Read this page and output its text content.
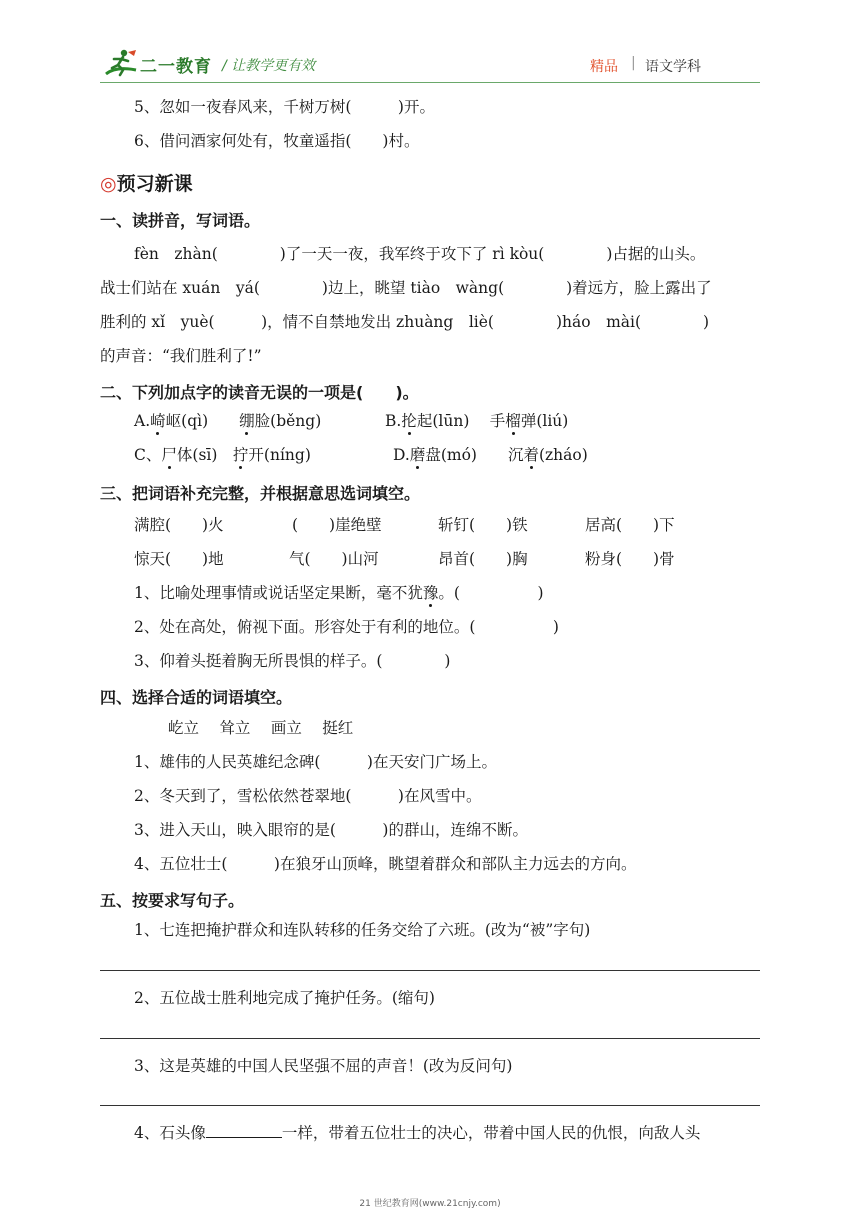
二一教育 / 让教学更有效	精品 | 语文学科
5、忽如一夜春风来，千树万树(　　　)开。
6、借问酒家何处有，牧童遥指(　　)村。
◎预习新课
一、读拼音，写词语。
fèn　zhàn(　　　　)了一天一夜，我军终于攻下了 rì kòu(　　　　)占据的山头。
战士们站在 xuán　yá(　　　　)边上，眺望 tiào　wàng(　　　　)着远方，脸上露出了
胜利的 xǐ　yuè(　　　)，情不自禁地发出 zhuàng　liè(　　　　)háo　mài(　　　　)
的声音：“我们胜利了!”
二、下列加点字的读音无误的一项是(　　)。
A.崎岖(qì)　　绷脸(běng)	B.抡起(lūn)　 手榴弹(liú)
C、尸体(sī)　拧开(níng)	D.磨盘(mó)　　沉着(zháo)
三、把词语补充完整，并根据意思选词填空。
满腔(　　)火	(　　)崖绝壁	斩钉(　　)铁	居高(　　)下
惊天(　　)地	气(　　)山河	昂首(　　)胸	粉身(　　)骨
1、比喻处理事情或说话坚定果断，毫不犹豫。(　　　　　)
2、处在高处，俯视下面。形容处于有利的地位。(　　　　　)
3、仰着头挺着胸无所畏惧的样子。(　　　　)
四、选择合适的词语填空。
屹立　 耸立　 画立　 挺红
1、雄伟的人民英雄纪念碑(　　　)在天安门广场上。
2、冬天到了，雪松依然苍翠地(　　　)在风雪中。
3、进入天山，映入眼帘的是(　　　)的群山，连绵不断。
4、五位壮士(　　　)在狼牙山顶峰，眺望着群众和部队主力远去的方向。
五、按要求写句子。
1、七连把掩护群众和连队转移的任务交给了六班。(改为“被”字句)
2、五位战士胜利地完成了掩护任务。(缩句)
3、这是英雄的中国人民坚强不屈的声音！(改为反问句)
4、石头像	一样，带着五位壮士的决心，带着中国人民的仇恨，向敌人头
21 世纪教育网(www.21cnjy.com)
